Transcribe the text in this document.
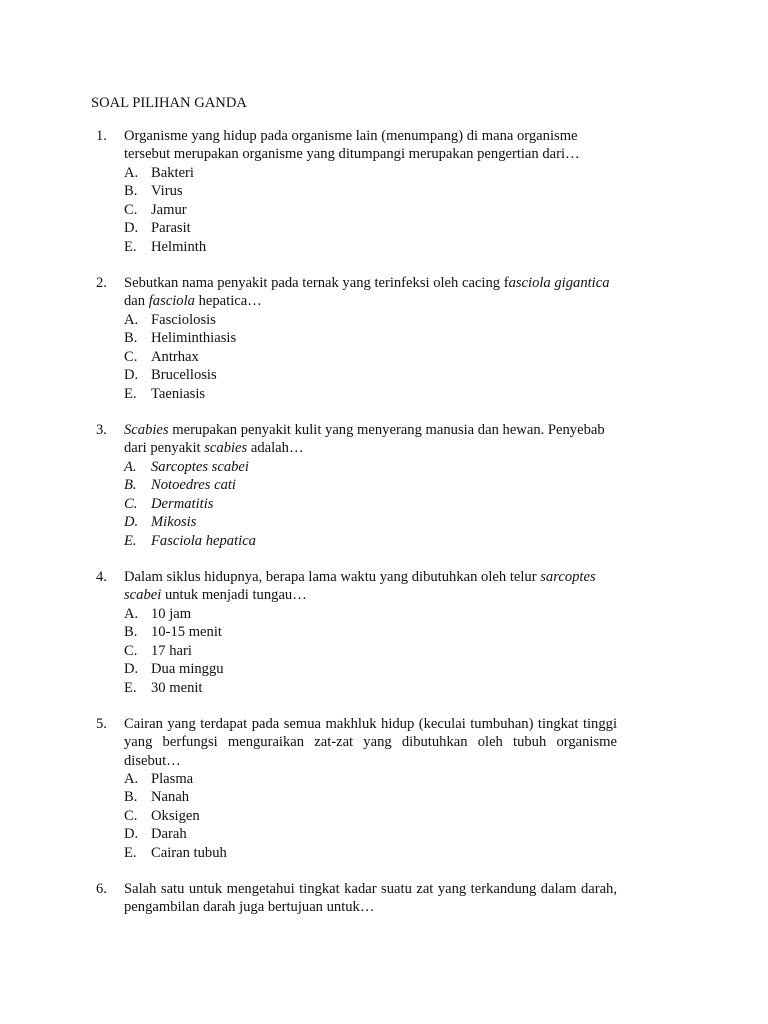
SOAL PILIHAN GANDA
1. Organisme yang hidup pada organisme lain (menumpang) di mana organisme tersebut merupakan organisme yang ditumpangi merupakan pengertian dari…
A. Bakteri
B. Virus
C. Jamur
D. Parasit
E. Helminth
2. Sebutkan nama penyakit pada ternak yang terinfeksi oleh cacing fasciola gigantica dan fasciola hepatica…
A. Fasciolosis
B. Heliminthiasis
C. Antrhax
D. Brucellosis
E. Taeniasis
3. Scabies merupakan penyakit kulit yang menyerang manusia dan hewan. Penyebab dari penyakit scabies adalah…
A. Sarcoptes scabei
B. Notoedres cati
C. Dermatitis
D. Mikosis
E. Fasciola hepatica
4. Dalam siklus hidupnya, berapa lama waktu yang dibutuhkan oleh telur sarcoptes scabei untuk menjadi tungau…
A. 10 jam
B. 10-15 menit
C. 17 hari
D. Dua minggu
E. 30 menit
5. Cairan yang terdapat pada semua makhluk hidup (keculai tumbuhan) tingkat tinggi yang berfungsi menguraikan zat-zat yang dibutuhkan oleh tubuh organisme disebut…
A. Plasma
B. Nanah
C. Oksigen
D. Darah
E. Cairan tubuh
6. Salah satu untuk mengetahui tingkat kadar suatu zat yang terkandung dalam darah, pengambilan darah juga bertujuan untuk…
